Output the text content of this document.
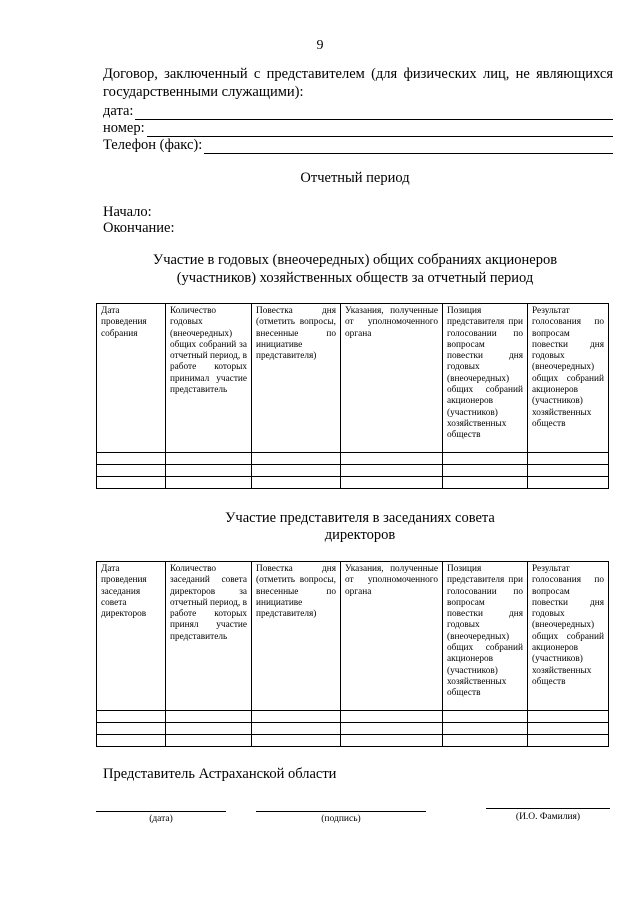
9
Договор, заключенный с представителем (для физических лиц, не являющихся государственными служащими):
дата:
номер:
Телефон (факс):
Отчетный период
Начало:
Окончание:
Участие в годовых (внеочередных) общих собраниях акционеров
(участников) хозяйственных обществ за отчетный период
Дата проведения собрания	Количество годовых (внеочередных) общих собраний за отчетный период, в работе которых принимал участие представитель	Повестка дня (отметить вопросы, внесенные по инициативе представителя)	Указания, полученные от уполномоченного органа	Позиция представителя при голосовании по вопросам повестки дня годовых (внеочередных) общих собраний акционеров (участников) хозяйственных обществ	Результат голосования по вопросам повестки дня годовых (внеочередных) общих собраний акционеров (участников) хозяйственных обществ

Участие представителя в заседаниях совета
директоров
Дата проведения заседания совета директоров	Количество заседаний совета директоров за отчетный период, в работе которых принял участие представитель	Повестка дня (отметить вопросы, внесенные по инициативе представителя)	Указания, полученные от уполномоченного органа	Позиция представителя при голосовании по вопросам повестки дня годовых (внеочередных) общих собраний акционеров (участников) хозяйственных обществ	Результат голосования по вопросам повестки дня годовых (внеочередных) общих собраний акционеров (участников) хозяйственных обществ

Представитель Астраханской области
(дата)	(подпись)	(И.О. Фамилия)
